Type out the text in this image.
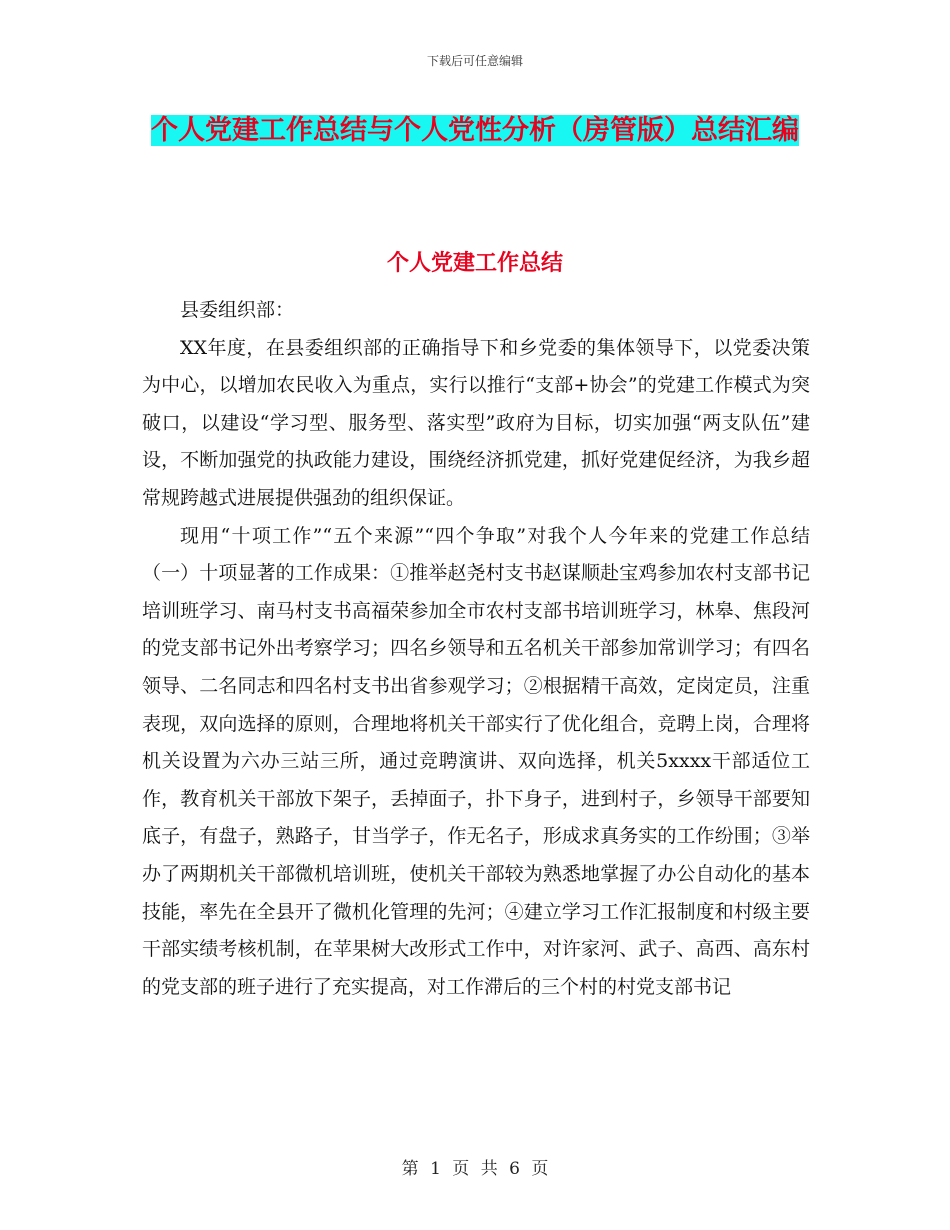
下载后可任意编辑
个人党建工作总结与个人党性分析（房管版）总结汇编
个人党建工作总结

县委组织部：

XX年度，在县委组织部的正确指导下和乡党委的集体领导下，以党委决策为中心，以增加农民收入为重点，实行以推行“支部+协会”的党建工作模式为突破口，以建设“学习型、服务型、落实型”政府为目标，切实加强“两支队伍”建设，不断加强党的执政能力建设，围绕经济抓党建，抓好党建促经济，为我乡超常规跨越式进展提供强劲的组织保证。

现用“十项工作”“五个来源”“四个争取”对我个人今年来的党建工作总结　　（一）十项显著的工作成果：①推举赵尧村支书赵谋顺赴宝鸡参加农村支部书记培训班学习、南马村支书高福荣参加全市农村支部书培训班学习，林皋、焦段河的党支部书记外出考察学习；四名乡领导和五名机关干部参加常训学习；有四名领导、二名同志和四名村支书出省参观学习；②根据精干高效，定岗定员，注重表现，双向选择的原则，合理地将机关干部实行了优化组合，竞聘上岗，合理将机关设置为六办三站三所，通过竞聘演讲、双向选择，机关5xxxx干部适位工作，教育机关干部放下架子，丢掉面子，扑下身子，进到村子，乡领导干部要知底子，有盘子，熟路子，甘当学子，作无名子，形成求真务实的工作纷围；③举办了两期机关干部微机培训班，使机关干部较为熟悉地掌握了办公自动化的基本技能，率先在全县开了微机化管理的先河；④建立学习工作汇报制度和村级主要干部实绩考核机制，在苹果树大改形式工作中，对许家河、武子、高西、高东村的党支部的班子进行了充实提高，对工作滞后的三个村的村党支部书记

第 1 页 共 6 页
